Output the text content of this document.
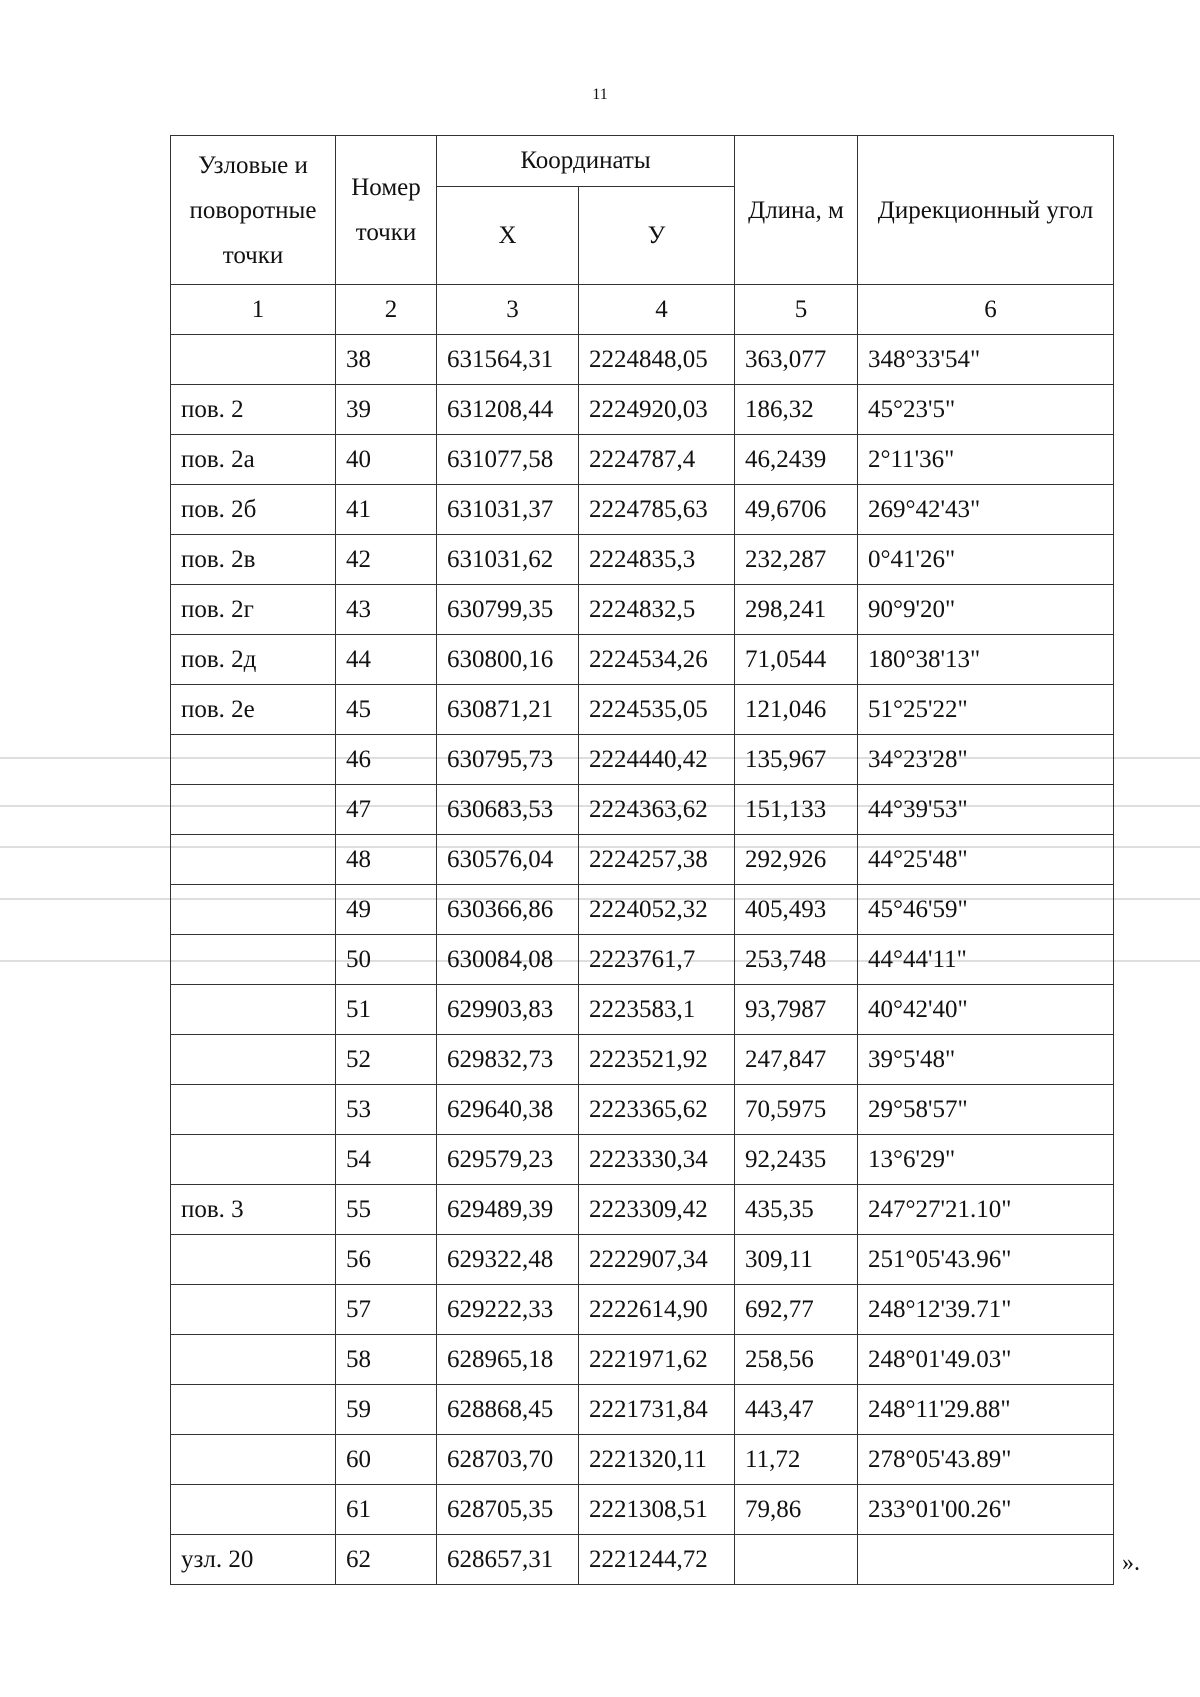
11
Узловые и поворотные точки	Номер точки	Координаты		Длина, м	Дирекционный угол
		X	У		
1	2	3	4	5	6
	38	631564,31	2224848,05	363,077	348°33'54"
пов. 2	39	631208,44	2224920,03	186,32	45°23'5"
пов. 2а	40	631077,58	2224787,4	46,2439	2°11'36"
пов. 2б	41	631031,37	2224785,63	49,6706	269°42'43"
пов. 2в	42	631031,62	2224835,3	232,287	0°41'26"
пов. 2г	43	630799,35	2224832,5	298,241	90°9'20"
пов. 2д	44	630800,16	2224534,26	71,0544	180°38'13"
пов. 2е	45	630871,21	2224535,05	121,046	51°25'22"
	46	630795,73	2224440,42	135,967	34°23'28"
	47	630683,53	2224363,62	151,133	44°39'53"
	48	630576,04	2224257,38	292,926	44°25'48"
	49	630366,86	2224052,32	405,493	45°46'59"
	50	630084,08	2223761,7	253,748	44°44'11"
	51	629903,83	2223583,1	93,7987	40°42'40"
	52	629832,73	2223521,92	247,847	39°5'48"
	53	629640,38	2223365,62	70,5975	29°58'57"
	54	629579,23	2223330,34	92,2435	13°6'29"
пов. 3	55	629489,39	2223309,42	435,35	247°27'21.10"
	56	629322,48	2222907,34	309,11	251°05'43.96"
	57	629222,33	2222614,90	692,77	248°12'39.71"
	58	628965,18	2221971,62	258,56	248°01'49.03"
	59	628868,45	2221731,84	443,47	248°11'29.88"
	60	628703,70	2221320,11	11,72	278°05'43.89"
	61	628705,35	2221308,51	79,86	233°01'00.26"
узл. 20	62	628657,31	2221244,72			».
